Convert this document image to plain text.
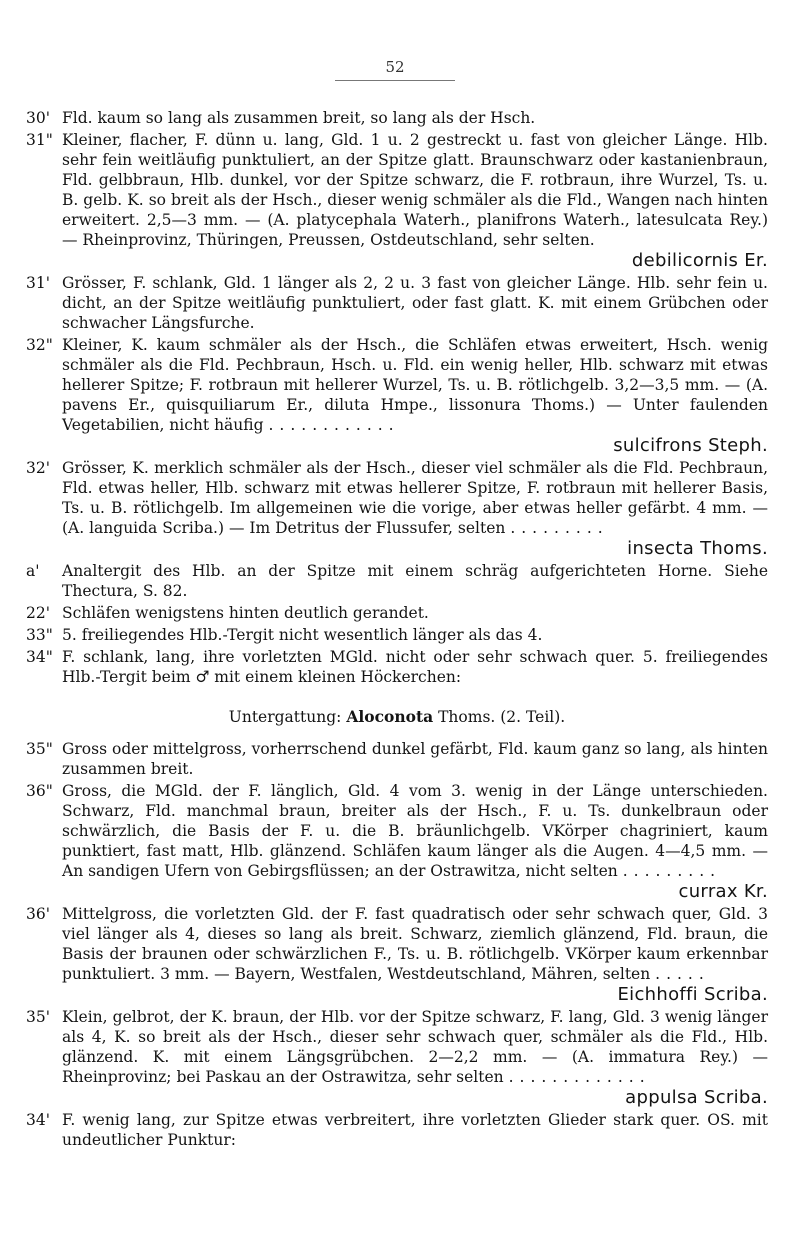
52
30' Fld. kaum so lang als zusammen breit, so lang als der Hsch.
31" Kleiner, flacher, F. dünn u. lang, Gld. 1 u. 2 gestreckt u. fast von gleicher Länge. Hlb. sehr fein weitläufig punktuliert, an der Spitze glatt. Braunschwarz oder kastanienbraun, Fld. gelbbraun, Hlb. dunkel, vor der Spitze schwarz, die F. rotbraun, ihre Wurzel, Ts. u. B. gelb. K. so breit als der Hsch., dieser wenig schmäler als die Fld., Wangen nach hinten erweitert. 2,5—3 mm. — (A. platycephala Waterh., planifrons Waterh., latesulcata Rey.) — Rheinprovinz, Thüringen, Preussen, Ostdeutschland, sehr selten.
debilicornis Er.
31' Grösser, F. schlank, Gld. 1 länger als 2, 2 u. 3 fast von gleicher Länge. Hlb. sehr fein u. dicht, an der Spitze weitläufig punktuliert, oder fast glatt. K. mit einem Grübchen oder schwacher Längsfurche.
32" Kleiner, K. kaum schmäler als der Hsch., die Schläfen etwas erweitert, Hsch. wenig schmäler als die Fld. Pechbraun, Hsch. u. Fld. ein wenig heller, Hlb. schwarz mit etwas hellerer Spitze; F. rotbraun mit hellerer Wurzel, Ts. u. B. rötlichgelb. 3,2—3,5 mm. — (A. pavens Er., quisquiliarum Er., diluta Hmpe., lissonura Thoms.) — Unter faulenden Vegetabilien, nicht häufig ............
sulcifrons Steph.
32' Grösser, K. merklich schmäler als der Hsch., dieser viel schmäler als die Fld. Pechbraun, Fld. etwas heller, Hlb. schwarz mit etwas hellerer Spitze, F. rotbraun mit hellerer Basis, Ts. u. B. rötlichgelb. Im allgemeinen wie die vorige, aber etwas heller gefärbt. 4 mm. — (A. languida Scriba.) — Im Detritus der Flussufer, selten .........
insecta Thoms.
a'	Analtergit des Hlb. an der Spitze mit einem schräg aufgerichteten Horne. Siehe Thectura, S. 82.
22' Schläfen wenigstens hinten deutlich gerandet.
33" 5. freiliegendes Hlb.-Tergit nicht wesentlich länger als das 4.
34" F. schlank, lang, ihre vorletzten MGld. nicht oder sehr schwach quer. 5. freiliegendes Hlb.-Tergit beim ♂ mit einem kleinen Höckerchen:
Untergattung: Aloconota Thoms. (2. Teil).
35" Gross oder mittelgross, vorherrschend dunkel gefärbt, Fld. kaum ganz so lang, als hinten zusammen breit.
36" Gross, die MGld. der F. länglich, Gld. 4 vom 3. wenig in der Länge unterschieden. Schwarz, Fld. manchmal braun, breiter als der Hsch., F. u. Ts. dunkelbraun oder schwärzlich, die Basis der F. u. die B. bräunlichgelb. VKörper chagriniert, kaum punktiert, fast matt, Hlb. glänzend. Schläfen kaum länger als die Augen. 4—4,5 mm. — An sandigen Ufern von Gebirgsflüssen; an der Ostrawitza, nicht selten .........
currax Kr.
36' Mittelgross, die vorletzten Gld. der F. fast quadratisch oder sehr schwach quer, Gld. 3 viel länger als 4, dieses so lang als breit. Schwarz, ziemlich glänzend, Fld. braun, die Basis der braunen oder schwärzlichen F., Ts. u. B. rötlichgelb. VKörper kaum erkennbar punktuliert. 3 mm. — Bayern, Westfalen, Westdeutschland, Mähren, selten .....
Eichhoffi Scriba.
35' Klein, gelbrot, der K. braun, der Hlb. vor der Spitze schwarz, F. lang, Gld. 3 wenig länger als 4, K. so breit als der Hsch., dieser sehr schwach quer, schmäler als die Fld., Hlb. glänzend. K. mit einem Längsgrübchen. 2—2,2 mm. — (A. immatura Rey.) — Rheinprovinz; bei Paskau an der Ostrawitza, sehr selten .............
appulsa Scriba.
34' F. wenig lang, zur Spitze etwas verbreitert, ihre vorletzten Glieder stark quer. OS. mit undeutlicher Punktur:
